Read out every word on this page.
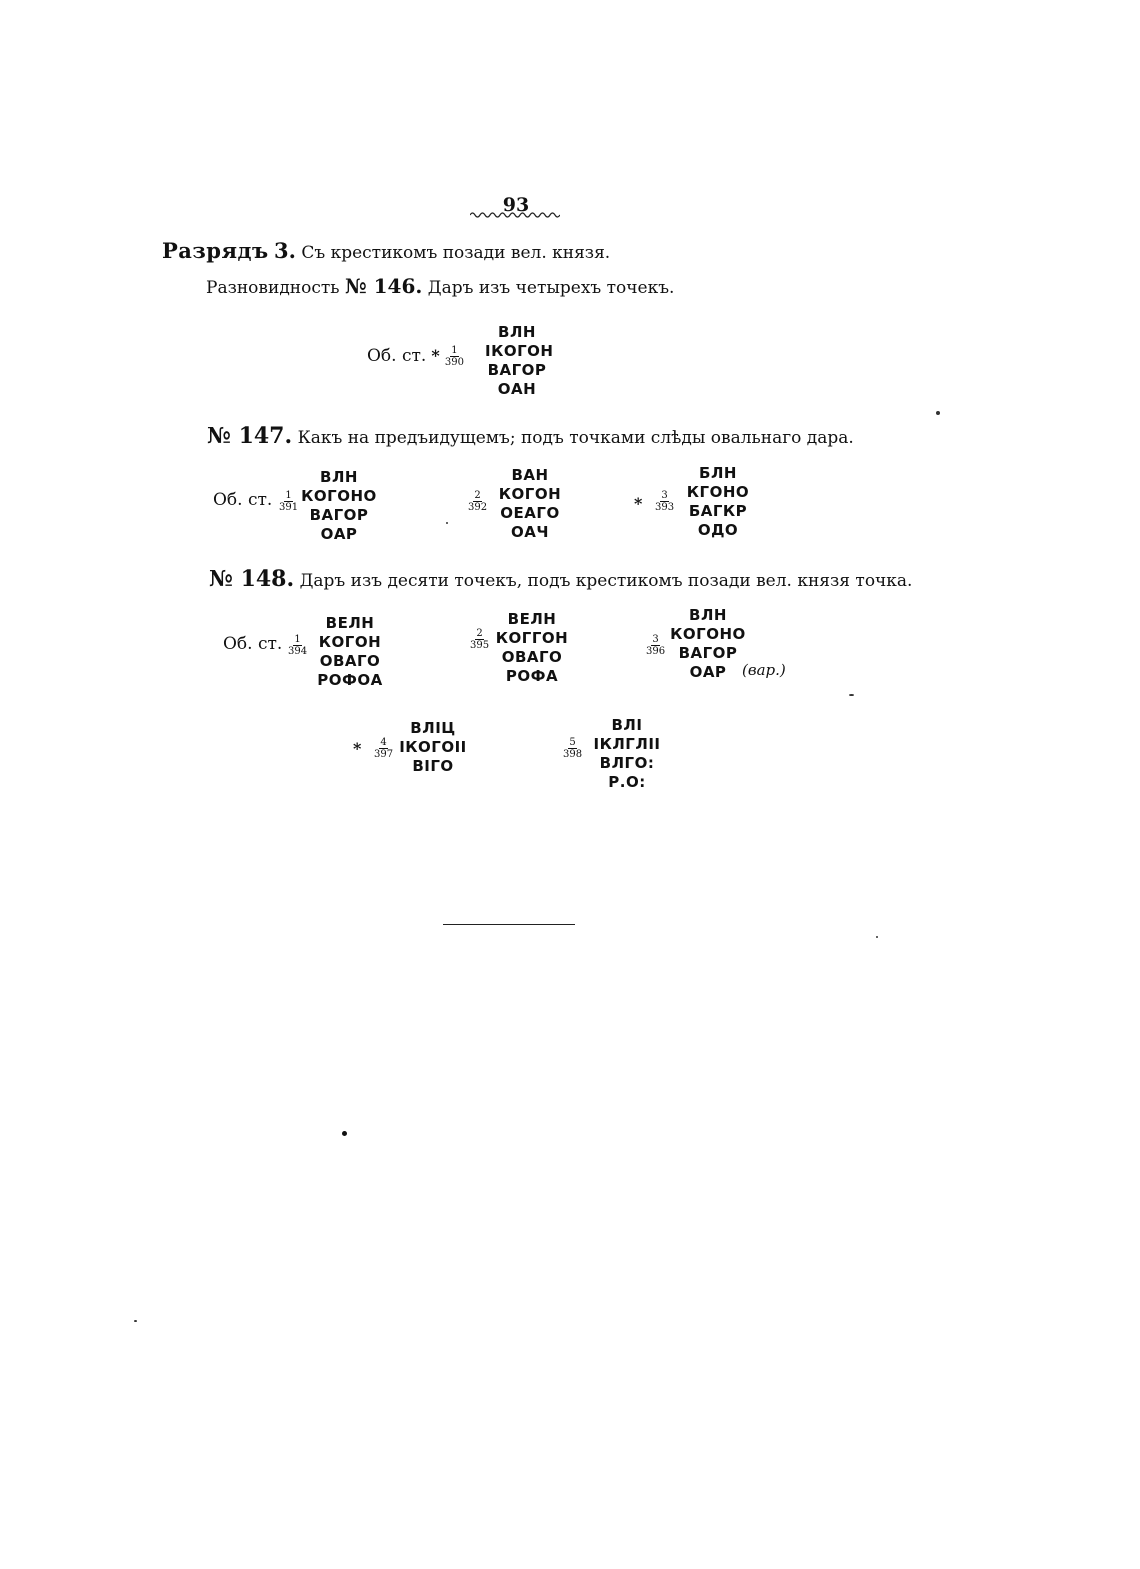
93
Разрядъ 3. Съ крестикомъ позади вел. князя.
Разновидность № 146. Даръ изъ четырехъ точекъ.
Об. ст. * $\frac{1}{390}$
ВЛН
ІКОГОН
ВАГОР
ОАН
№ 147. Какъ на предъидущемъ; подъ точками слѣды овальнаго дара.
Об. ст. $\frac{1}{391}$
ВЛН
КОГОНО
ВАГОР
ОАР
$\frac{2}{392}$
ВАН
КОГОН
ОЕАГО
ОАЧ
* $\frac{3}{393}$
БЛН
КГОНО
БАГКР
ОДО
№ 148. Даръ изъ десяти точекъ, подъ крестикомъ позади вел. князя точка.
Об. ст. $\frac{1}{394}$
ВЕЛН
КОГОН
ОВАГО
РОФОА
$\frac{2}{395}$
ВЕЛН
КОГГОН
ОВАГО
РОФА
$\frac{3}{396}$
ВЛН
КОГОНО
ВАГОР
ОАР	(вар.)
* $\frac{4}{397}$
ВЛІЦ
ІКОГОІІ
ВІГО
$\frac{5}{398}$
ВЛІ
ІКЛГЛІІ
ВЛГО:
Р.О:
